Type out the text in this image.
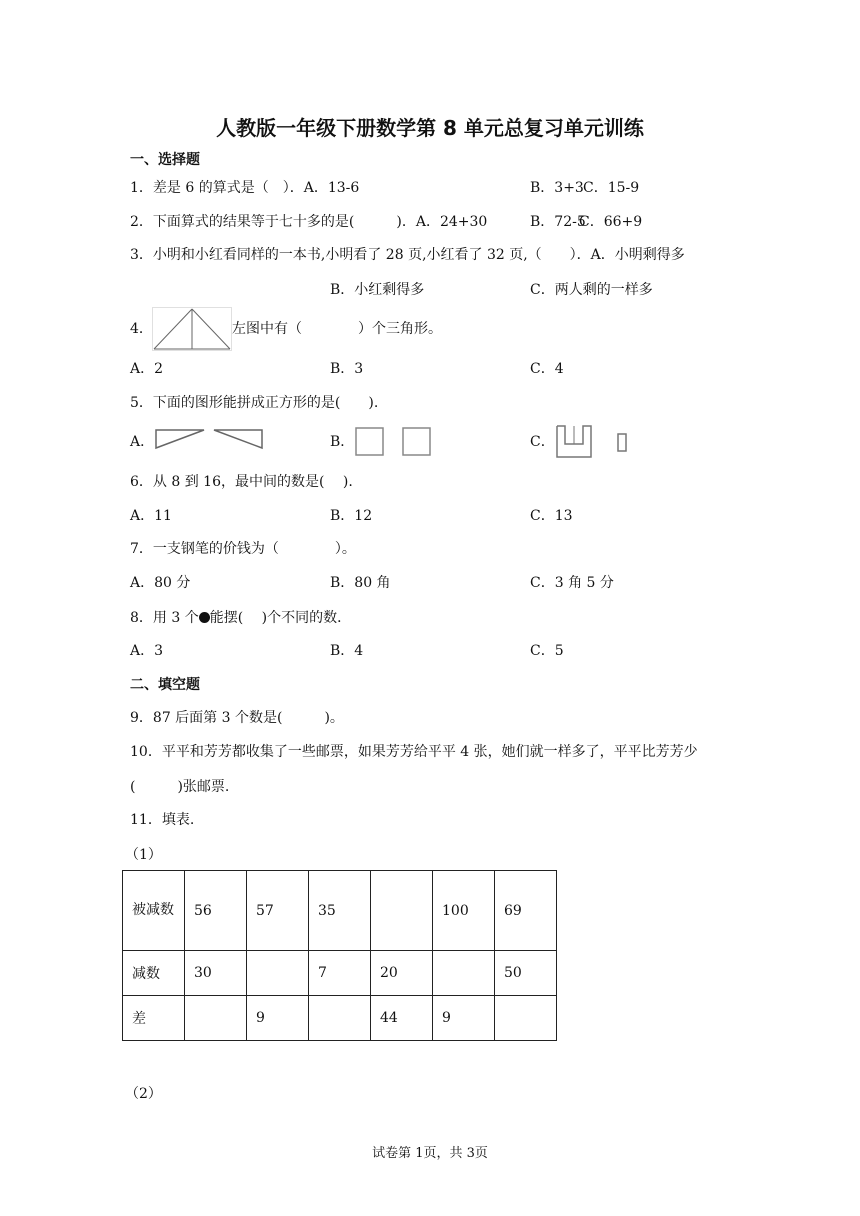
人教版一年级下册数学第 8 单元总复习单元训练
一、选择题
1．差是 6 的算式是（　）．A．13-6	B．3+3 C．15-9
2．下面算式的结果等于七十多的是(　　　)．A．24+30	B．72-5
C．66+9
3．小明和小红看同样的一本书,小明看了 28 页,小红看了 32 页,（　　）．A．小明剩得多
B．小红剩得多	C．两人剩的一样多
4．	左图中有（　　　　）个三角形。
A．2	B．3	C．4
5．下面的图形能拼成正方形的是(　　).
A．	B．	C．
6．从 8 到 16，最中间的数是(　 ).
A．11	B．12	C．13
7．一支钢笔的价钱为（　　　　）。
A．80 分	B．80 角	C．3 角 5 分
8．用 3 个 能摆(　 )个不同的数．
A．3	B．4	C．5
二、填空题
9．87 后面第 3 个数是(　　　)。
10．平平和芳芳都收集了一些邮票，如果芳芳给平平 4 张，她们就一样多了，平平比芳芳少
(　　　)张邮票.
11．填表.
（1）
被减数	56	57	35		100	69
减数	30		7	20		50
差		9		44	9	
（2）
试卷第 1页，共 3页
